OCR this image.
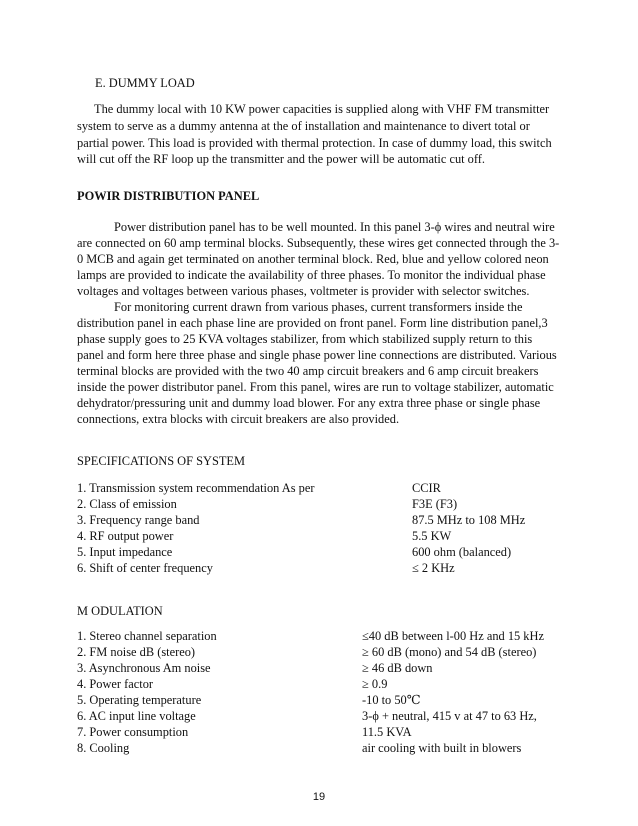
E. DUMMY LOAD
The dummy local with 10 KW power capacities is supplied along with VHF FM transmitter
system to serve as a dummy antenna at the of installation and maintenance to divert total or
partial power. This load is provided with thermal protection. In case of dummy load, this switch
will cut off the RF loop up the transmitter and the power will be automatic cut off.
POWIR DISTRIBUTION PANEL
Power distribution panel has to be well mounted. In this panel 3-ϕ wires and neutral wire
are connected on 60 amp terminal blocks. Subsequently, these wires get connected through the 3-
0 MCB and again get terminated on another terminal block. Red, blue and yellow colored neon
lamps are provided to indicate the availability of three phases. To monitor the individual phase
voltages and voltages between various phases, voltmeter is provider with selector switches.
For monitoring current drawn from various phases, current transformers inside the
distribution panel in each phase line are provided on front panel. Form line distribution panel,3
phase supply goes to 25 KVA voltages stabilizer, from which stabilized supply return to this
panel and form here three phase and single phase power line connections are distributed. Various
terminal blocks are provided with the two 40 amp circuit breakers and 6 amp circuit breakers
inside the power distributor panel. From this panel, wires are run to voltage stabilizer, automatic
dehydrator/pressuring unit and dummy load blower. For any extra three phase or single phase
connections, extra blocks with circuit breakers are also provided.
SPECIFICATIONS OF SYSTEM
1. Transmission system recommendation As per	CCIR
2. Class of emission	F3E (F3)
3. Frequency range band	87.5 MHz to 108 MHz
4. RF output power	5.5 KW
5. Input impedance	600 ohm (balanced)
6. Shift of center frequency	≤ 2 KHz
M ODULATION
1. Stereo channel separation	≤40 dB between l-00 Hz and 15 kHz
2. FM noise dB (stereo)	≥ 60 dB (mono) and 54 dB (stereo)
3. Asynchronous Am noise	≥ 46 dB down
4. Power factor	≥ 0.9
5. Operating temperature	-10 to 50℃
6. AC input line voltage	3-ϕ + neutral, 415 v at 47 to 63 Hz,
7. Power consumption	11.5 KVA
8. Cooling	air cooling with built in blowers
19
